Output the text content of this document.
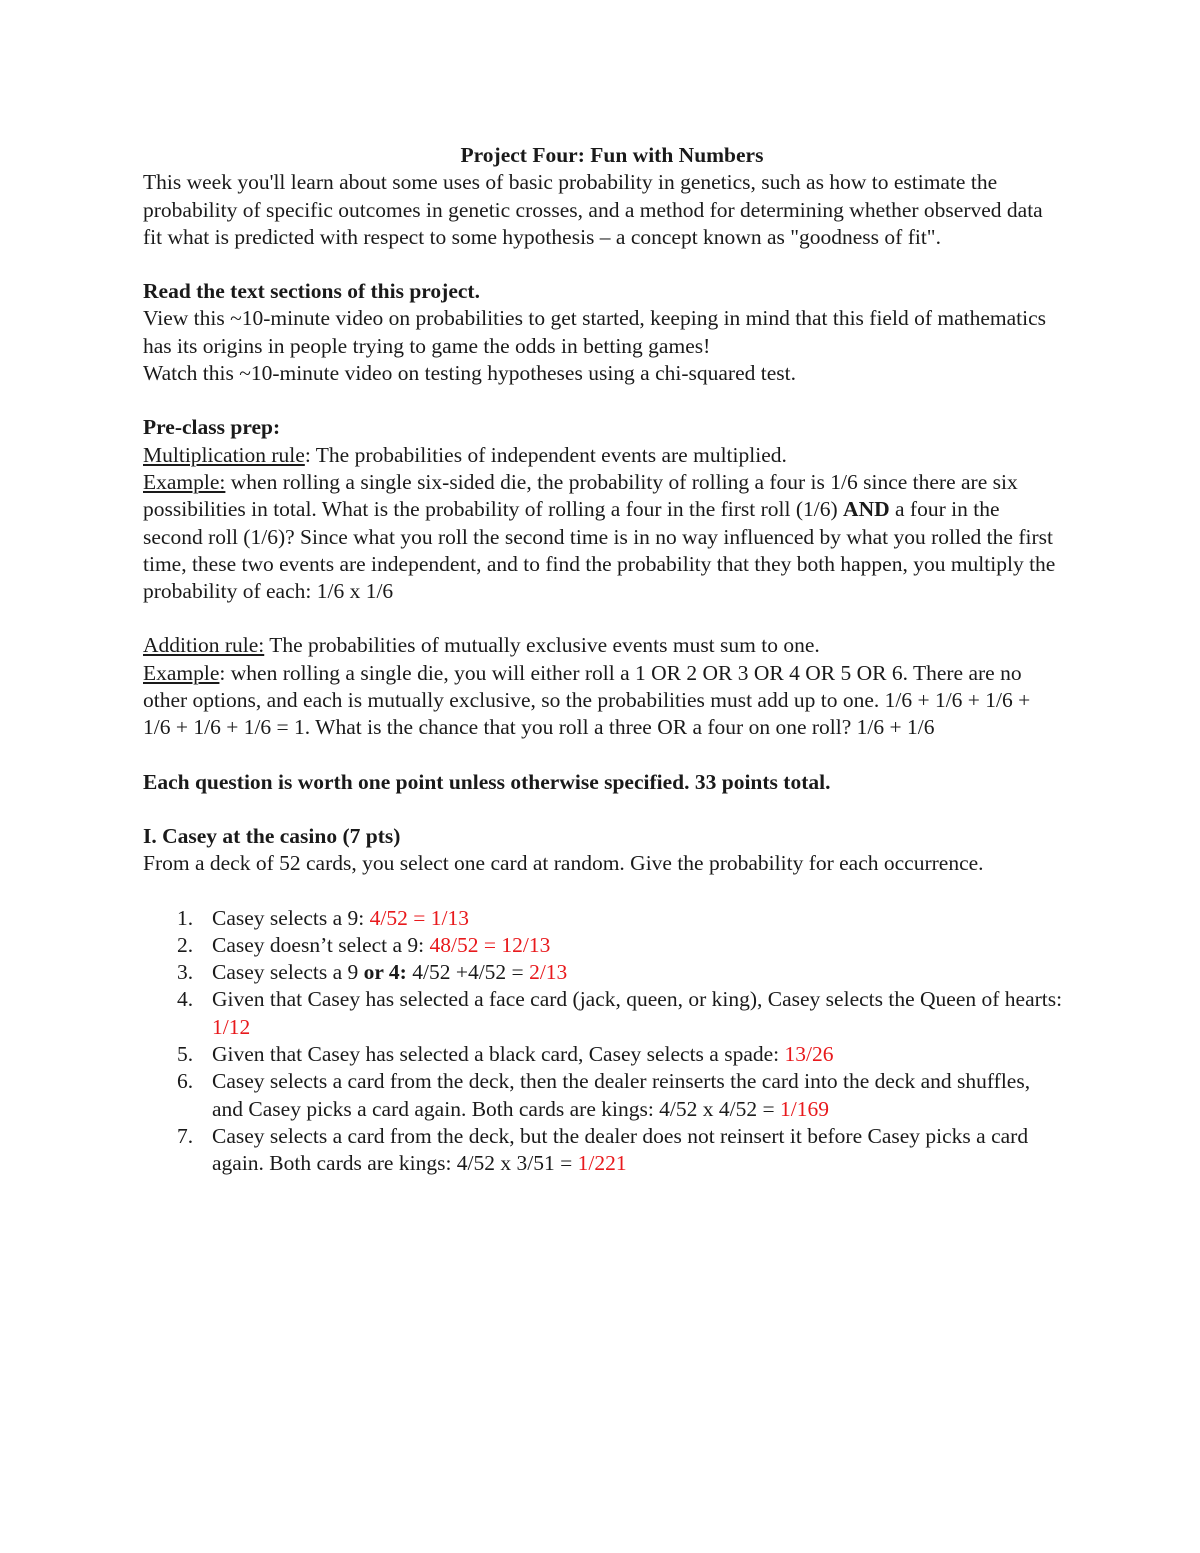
Project Four: Fun with Numbers

This week you'll learn about some uses of basic probability in genetics, such as how to estimate the probability of specific outcomes in genetic crosses, and a method for determining whether observed data fit what is predicted with respect to some hypothesis – a concept known as "goodness of fit".

Read the text sections of this project.

View this ~10-minute video on probabilities to get started, keeping in mind that this field of mathematics has its origins in people trying to game the odds in betting games!

Watch this ~10-minute video on testing hypotheses using a chi-squared test.

Pre-class prep:

Multiplication rule: The probabilities of independent events are multiplied.

Example: when rolling a single six-sided die, the probability of rolling a four is 1/6 since there are six possibilities in total. What is the probability of rolling a four in the first roll (1/6) AND a four in the second roll (1/6)? Since what you roll the second time is in no way influenced by what you rolled the first time, these two events are independent, and to find the probability that they both happen, you multiply the probability of each: 1/6 x 1/6

Addition rule: The probabilities of mutually exclusive events must sum to one.

Example: when rolling a single die, you will either roll a 1 OR 2 OR 3 OR 4 OR 5 OR 6. There are no other options, and each is mutually exclusive, so the probabilities must add up to one. 1/6 + 1/6 + 1/6 + 1/6 + 1/6 + 1/6 = 1. What is the chance that you roll a three OR a four on one roll? 1/6 + 1/6

Each question is worth one point unless otherwise specified. 33 points total.

I. Casey at the casino (7 pts)

From a deck of 52 cards, you select one card at random. Give the probability for each occurrence.

1. Casey selects a 9: 4/52 = 1/13
2. Casey doesn’t select a 9: 48/52 = 12/13
3. Casey selects a 9 or 4: 4/52 +4/52 = 2/13
4. Given that Casey has selected a face card (jack, queen, or king), Casey selects the Queen of hearts: 1/12
5. Given that Casey has selected a black card, Casey selects a spade: 13/26
6. Casey selects a card from the deck, then the dealer reinserts the card into the deck and shuffles, and Casey picks a card again. Both cards are kings: 4/52 x 4/52 = 1/169
7. Casey selects a card from the deck, but the dealer does not reinsert it before Casey picks a card again. Both cards are kings: 4/52 x 3/51 = 1/221
